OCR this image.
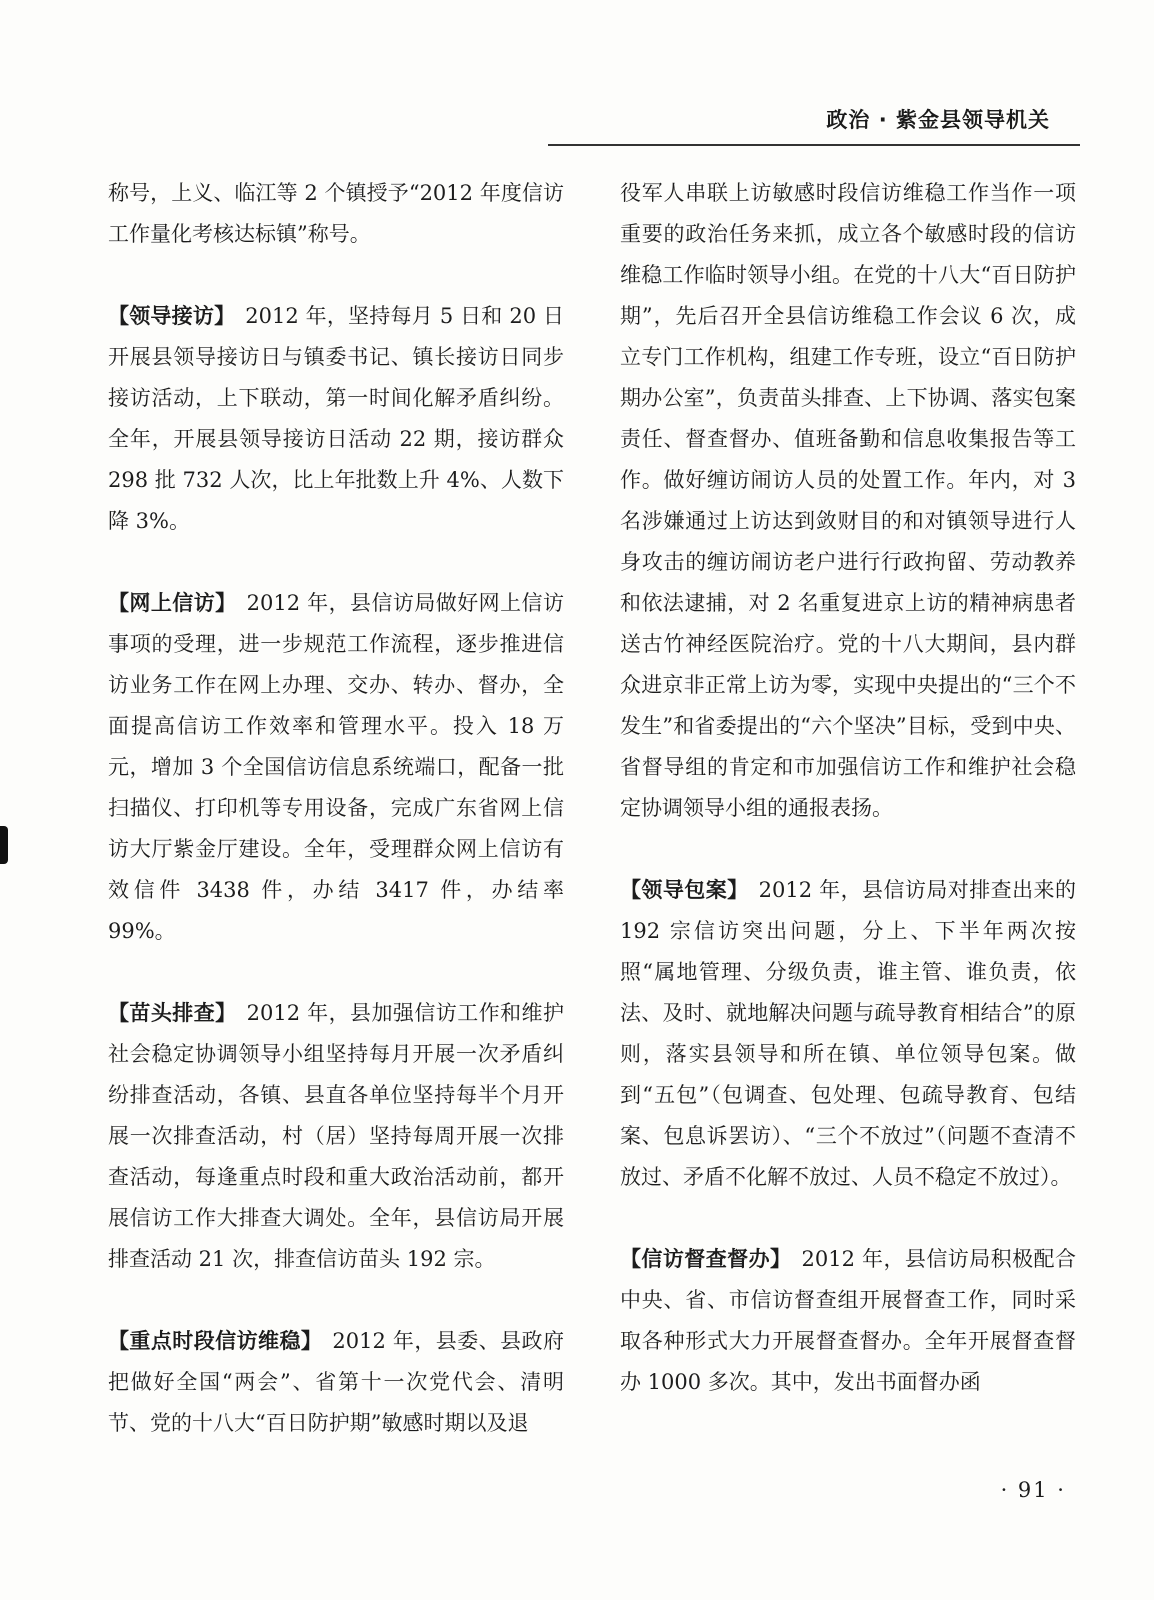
政治 · 紫金县领导机关

称号，上义、临江等 2 个镇授予“2012 年度信访工作量化考核达标镇”称号。

【领导接访】 2012 年，坚持每月 5 日和 20 日开展县领导接访日与镇委书记、镇长接访日同步接访活动，上下联动，第一时间化解矛盾纠纷。全年，开展县领导接访日活动 22 期，接访群众 298 批 732 人次，比上年批数上升 4%、人数下降 3%。

【网上信访】 2012 年，县信访局做好网上信访事项的受理，进一步规范工作流程，逐步推进信访业务工作在网上办理、交办、转办、督办，全面提高信访工作效率和管理水平。投入 18 万元，增加 3 个全国信访信息系统端口，配备一批扫描仪、打印机等专用设备，完成广东省网上信访大厅紫金厅建设。全年，受理群众网上信访有效信件 3438 件，办结 3417 件，办结率 99%。

【苗头排查】 2012 年，县加强信访工作和维护社会稳定协调领导小组坚持每月开展一次矛盾纠纷排查活动，各镇、县直各单位坚持每半个月开展一次排查活动，村（居）坚持每周开展一次排查活动，每逢重点时段和重大政治活动前，都开展信访工作大排查大调处。全年，县信访局开展排查活动 21 次，排查信访苗头 192 宗。

【重点时段信访维稳】 2012 年，县委、县政府把做好全国“两会”、省第十一次党代会、清明节、党的十八大“百日防护期”敏感时期以及退

役军人串联上访敏感时段信访维稳工作当作一项重要的政治任务来抓，成立各个敏感时段的信访维稳工作临时领导小组。在党的十八大“百日防护期”，先后召开全县信访维稳工作会议 6 次，成立专门工作机构，组建工作专班，设立“百日防护期办公室”，负责苗头排查、上下协调、落实包案责任、督查督办、值班备勤和信息收集报告等工作。做好缠访闹访人员的处置工作。年内，对 3 名涉嫌通过上访达到敛财目的和对镇领导进行人身攻击的缠访闹访老户进行行政拘留、劳动教养和依法逮捕，对 2 名重复进京上访的精神病患者送古竹神经医院治疗。党的十八大期间，县内群众进京非正常上访为零，实现中央提出的“三个不发生”和省委提出的“六个坚决”目标，受到中央、省督导组的肯定和市加强信访工作和维护社会稳定协调领导小组的通报表扬。

【领导包案】 2012 年，县信访局对排查出来的 192 宗信访突出问题，分上、下半年两次按照“属地管理、分级负责，谁主管、谁负责，依法、及时、就地解决问题与疏导教育相结合”的原则，落实县领导和所在镇、单位领导包案。做到“五包”（包调查、包处理、包疏导教育、包结案、包息诉罢访）、“三个不放过”（问题不查清不放过、矛盾不化解不放过、人员不稳定不放过）。

【信访督查督办】 2012 年，县信访局积极配合中央、省、市信访督查组开展督查工作，同时采取各种形式大力开展督查督办。全年开展督查督办 1000 多次。其中，发出书面督办函

· 91 ·
